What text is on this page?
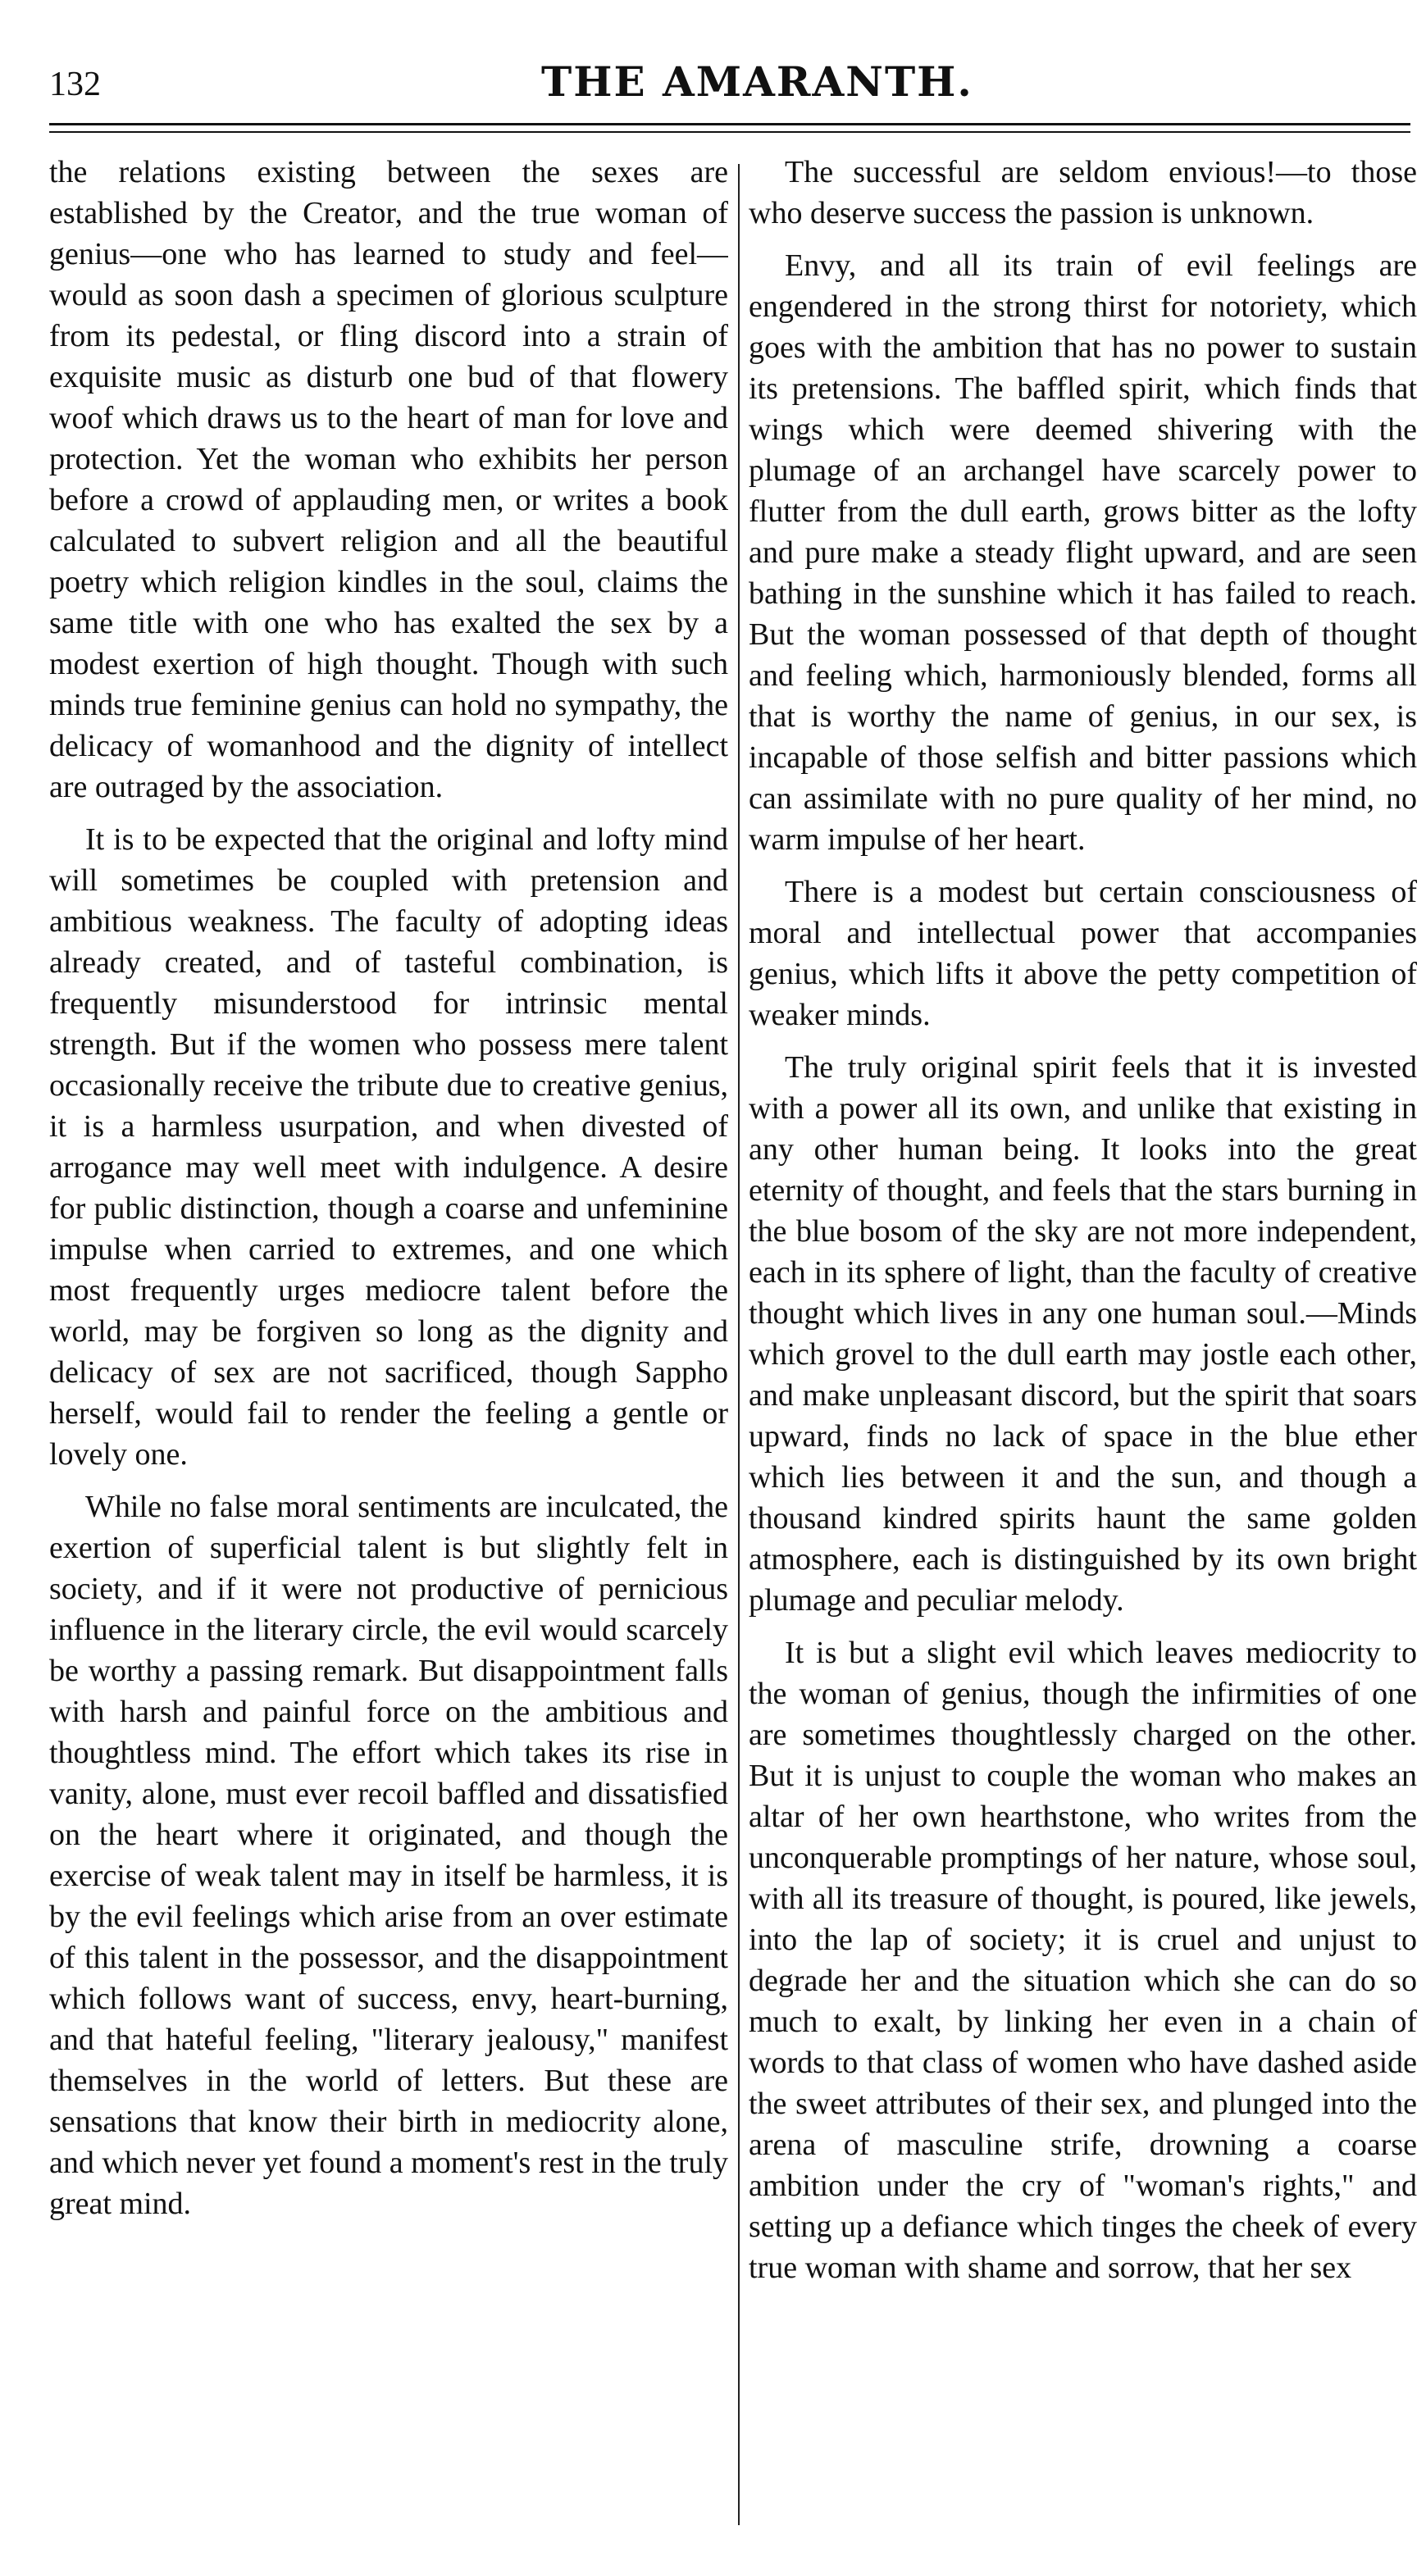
132	THE AMARANTH.

the relations existing between the sexes are established by the Creator, and the true woman of genius—one who has learned to study and feel—would as soon dash a specimen of glorious sculpture from its pedestal, or fling discord into a strain of exquisite music as disturb one bud of that flowery woof which draws us to the heart of man for love and protection. Yet the woman who exhibits her person before a crowd of applauding men, or writes a book calculated to subvert religion and all the beautiful poetry which religion kindles in the soul, claims the same title with one who has exalted the sex by a modest exertion of high thought. Though with such minds true feminine genius can hold no sympathy, the delicacy of womanhood and the dignity of intellect are outraged by the association.

It is to be expected that the original and lofty mind will sometimes be coupled with pretension and ambitious weakness. The faculty of adopting ideas already created, and of tasteful combination, is frequently misunderstood for intrinsic mental strength. But if the women who possess mere talent occasionally receive the tribute due to creative genius, it is a harmless usurpation, and when divested of arrogance may well meet with indulgence. A desire for public distinction, though a coarse and unfeminine impulse when carried to extremes, and one which most frequently urges mediocre talent before the world, may be forgiven so long as the dignity and delicacy of sex are not sacrificed, though Sappho herself, would fail to render the feeling a gentle or lovely one.

While no false moral sentiments are inculcated, the exertion of superficial talent is but slightly felt in society, and if it were not productive of pernicious influence in the literary circle, the evil would scarcely be worthy a passing remark. But disappointment falls with harsh and painful force on the ambitious and thoughtless mind. The effort which takes its rise in vanity, alone, must ever recoil baffled and dissatisfied on the heart where it originated, and though the exercise of weak talent may in itself be harmless, it is by the evil feelings which arise from an over estimate of this talent in the possessor, and the disappointment which follows want of success, envy, heart-burning, and that hateful feeling, "literary jealousy," manifest themselves in the world of letters. But these are sensations that know their birth in mediocrity alone, and which never yet found a moment's rest in the truly great mind.

The successful are seldom envious!—to those who deserve success the passion is unknown.

Envy, and all its train of evil feelings are engendered in the strong thirst for notoriety, which goes with the ambition that has no power to sustain its pretensions. The baffled spirit, which finds that wings which were deemed shivering with the plumage of an archangel have scarcely power to flutter from the dull earth, grows bitter as the lofty and pure make a steady flight upward, and are seen bathing in the sunshine which it has failed to reach. But the woman possessed of that depth of thought and feeling which, harmoniously blended, forms all that is worthy the name of genius, in our sex, is incapable of those selfish and bitter passions which can assimilate with no pure quality of her mind, no warm impulse of her heart.

There is a modest but certain consciousness of moral and intellectual power that accompanies genius, which lifts it above the petty competition of weaker minds.

The truly original spirit feels that it is invested with a power all its own, and unlike that existing in any other human being. It looks into the great eternity of thought, and feels that the stars burning in the blue bosom of the sky are not more independent, each in its sphere of light, than the faculty of creative thought which lives in any one human soul.—Minds which grovel to the dull earth may jostle each other, and make unpleasant discord, but the spirit that soars upward, finds no lack of space in the blue ether which lies between it and the sun, and though a thousand kindred spirits haunt the same golden atmosphere, each is distinguished by its own bright plumage and peculiar melody.

It is but a slight evil which leaves mediocrity to the woman of genius, though the infirmities of one are sometimes thoughtlessly charged on the other. But it is unjust to couple the woman who makes an altar of her own hearthstone, who writes from the unconquerable promptings of her nature, whose soul, with all its treasure of thought, is poured, like jewels, into the lap of society; it is cruel and unjust to degrade her and the situation which she can do so much to exalt, by linking her even in a chain of words to that class of women who have dashed aside the sweet attributes of their sex, and plunged into the arena of masculine strife, drowning a coarse ambition under the cry of "woman's rights," and setting up a defiance which tinges the cheek of every true woman with shame and sorrow, that her sex
